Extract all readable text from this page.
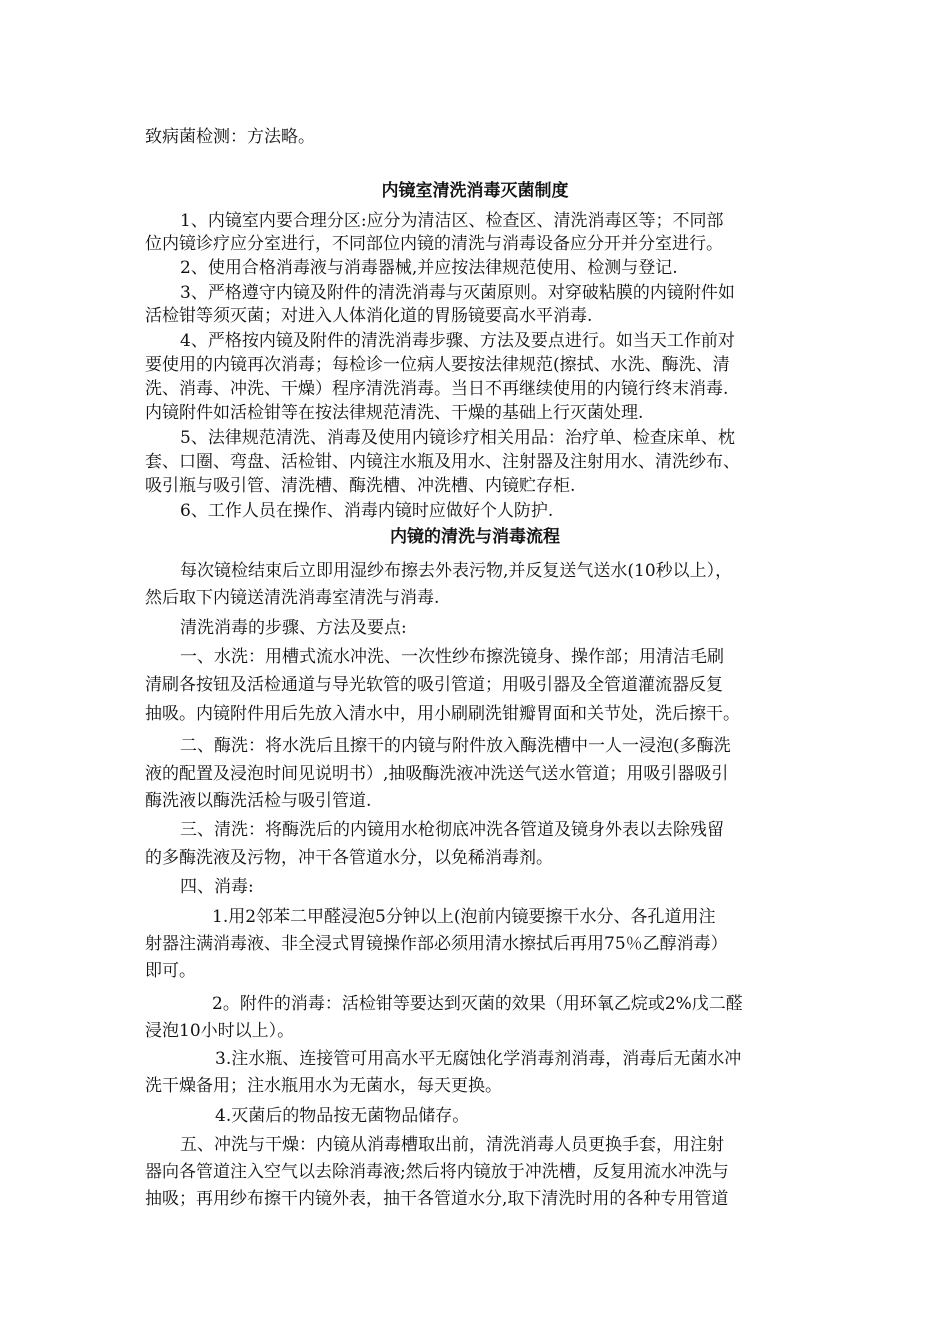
致病菌检测：方法略。
内镜室清洗消毒灭菌制度
1、内镜室内要合理分区:应分为清洁区、检查区、清洗消毒区等；不同部
位内镜诊疗应分室进行，不同部位内镜的清洗与消毒设备应分开并分室进行。
2、使用合格消毒液与消毒器械,并应按法律规范使用、检测与登记.
3、严格遵守内镜及附件的清洗消毒与灭菌原则。对穿破粘膜的内镜附件如
活检钳等须灭菌；对进入人体消化道的胃肠镜要高水平消毒.
4、严格按内镜及附件的清洗消毒步骤、方法及要点进行。如当天工作前对
要使用的内镜再次消毒；每检诊一位病人要按法律规范(擦拭、水洗、酶洗、清
洗、消毒、冲洗、干燥）程序清洗消毒。当日不再继续使用的内镜行终末消毒.
内镜附件如活检钳等在按法律规范清洗、干燥的基础上行灭菌处理.
5、法律规范清洗、消毒及使用内镜诊疗相关用品：治疗单、检查床单、枕
套、口圈、弯盘、活检钳、内镜注水瓶及用水、注射器及注射用水、清洗纱布、
吸引瓶与吸引管、清洗槽、酶洗槽、冲洗槽、内镜贮存柜.
6、工作人员在操作、消毒内镜时应做好个人防护.
内镜的清洗与消毒流程
每次镜检结束后立即用湿纱布擦去外表污物,并反复送气送水(10秒以上），
然后取下内镜送清洗消毒室清洗与消毒.
清洗消毒的步骤、方法及要点:
一、水洗：用槽式流水冲洗、一次性纱布擦洗镜身、操作部；用清洁毛刷
清刷各按钮及活检通道与导光软管的吸引管道；用吸引器及全管道灌流器反复
抽吸。内镜附件用后先放入清水中，用小刷刷洗钳瓣胃面和关节处，洗后擦干。
二、酶洗：将水洗后且擦干的内镜与附件放入酶洗槽中一人一浸泡(多酶洗
液的配置及浸泡时间见说明书）,抽吸酶洗液冲洗送气送水管道；用吸引器吸引
酶洗液以酶洗活检与吸引管道.
三、清洗：将酶洗后的内镜用水枪彻底冲洗各管道及镜身外表以去除残留
的多酶洗液及污物，冲干各管道水分，以免稀消毒剂。
四、消毒:
1.用2邻苯二甲醛浸泡5分钟以上(泡前内镜要擦干水分、各孔道用注
射器注满消毒液、非全浸式胃镜操作部必须用清水擦拭后再用75％乙醇消毒）
即可。
2。附件的消毒：活检钳等要达到灭菌的效果（用环氧乙烷或2%戊二醛
浸泡10小时以上）。
3.注水瓶、连接管可用高水平无腐蚀化学消毒剂消毒，消毒后无菌水冲
洗干燥备用；注水瓶用水为无菌水，每天更换。
4.灭菌后的物品按无菌物品储存。
五、冲洗与干燥：内镜从消毒槽取出前，清洗消毒人员更换手套，用注射
器向各管道注入空气以去除消毒液;然后将内镜放于冲洗槽，反复用流水冲洗与
抽吸；再用纱布擦干内镜外表，抽干各管道水分,取下清洗时用的各种专用管道
